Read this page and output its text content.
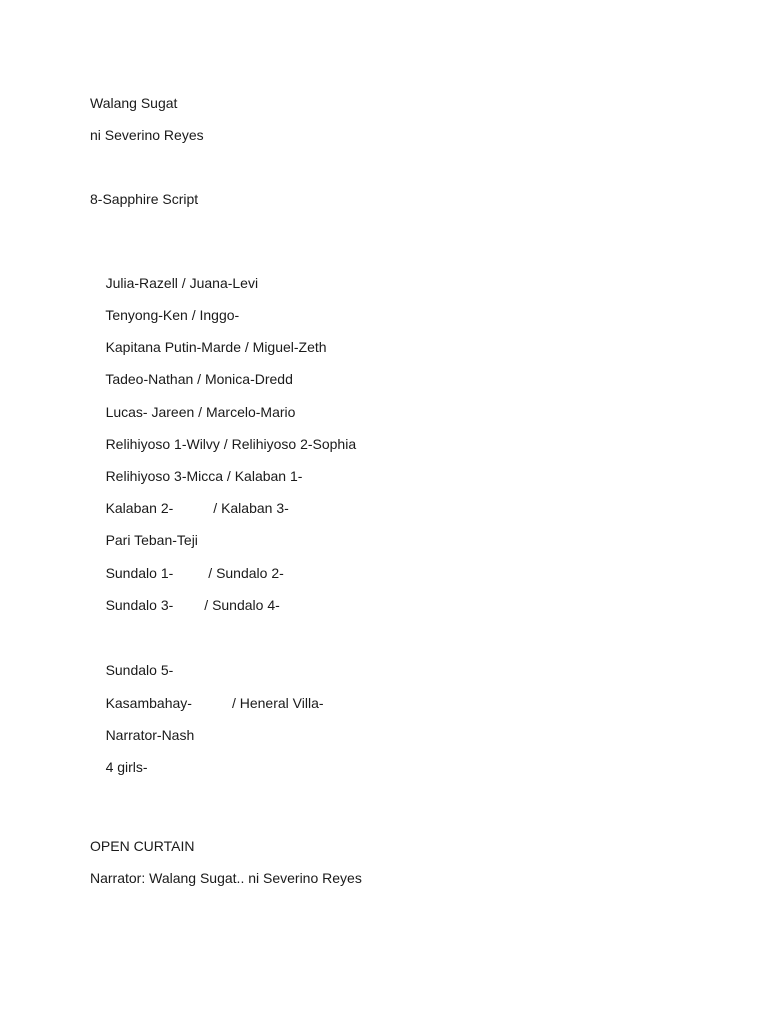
Walang Sugat
ni Severino Reyes
8-Sapphire Script

Julia-Razell / Juana-Levi

Tenyong-Ken / Inggo-

Kapitana Putin-Marde / Miguel-Zeth

Tadeo-Nathan / Monica-Dredd

Lucas- Jareen / Marcelo-Mario

Relihiyoso 1-Wilvy / Relihiyoso 2-Sophia

Relihiyoso 3-Micca / Kalaban 1-

Kalaban 2-	/ Kalaban 3-

Pari Teban-Teji

Sundalo 1-	/ Sundalo 2-

Sundalo 3- / Sundalo 4-

Sundalo 5-

Kasambahay-	/ Heneral Villa-

Narrator-Nash

4 girls-

OPEN CURTAIN
Narrator: Walang Sugat.. ni Severino Reyes
